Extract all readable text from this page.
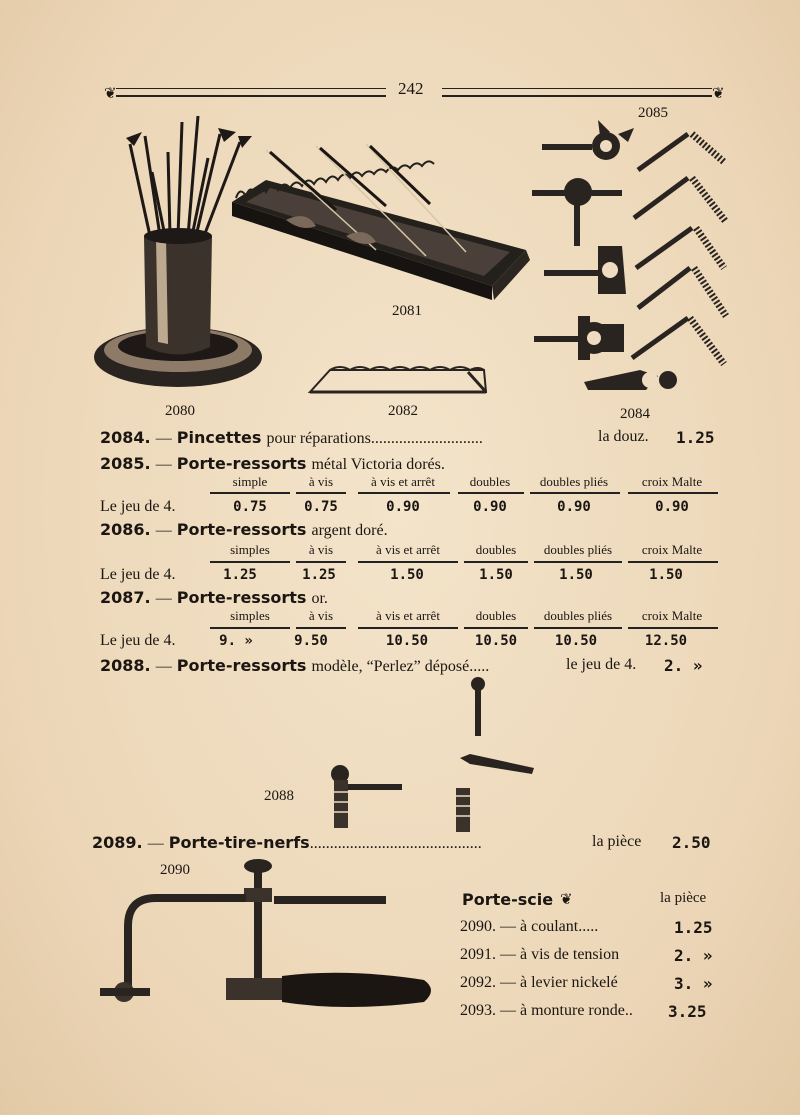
242
❦	❦
2085
2081
2080	2082	2084
2084. — Pincettes pour réparations............................	la douz. 1.25
2085. — Porte-ressorts métal Victoria dorés.
simple	à vis	à vis et arrêt	doubles	doubles pliés	croix Malte
Le jeu de 4.	0.75	0.75	0.90	0.90	0.90	0.90
2086. — Porte-ressorts argent doré.
simples	à vis	à vis et arrêt	doubles	doubles pliés	croix Malte
Le jeu de 4.	1.25	1.25	1.50	1.50	1.50	1.50
2087. — Porte-ressorts or.
simples	à vis	à vis et arrêt	doubles	doubles pliés	croix Malte
Le jeu de 4.	9. »	9.50	10.50	10.50	10.50	12.50
2088. — Porte-ressorts modèle, “Perlez” déposé.....	le jeu de 4. 2. »
2088
2089. — Porte-tire-nerfs...........................................	la pièce 2.50
2090
Porte-scie ❦	la pièce
2090. — à coulant.....	1.25
2091. — à vis de tension	2. »
2092. — à levier nickelé	3. »
2093. — à monture ronde.. 3.25
